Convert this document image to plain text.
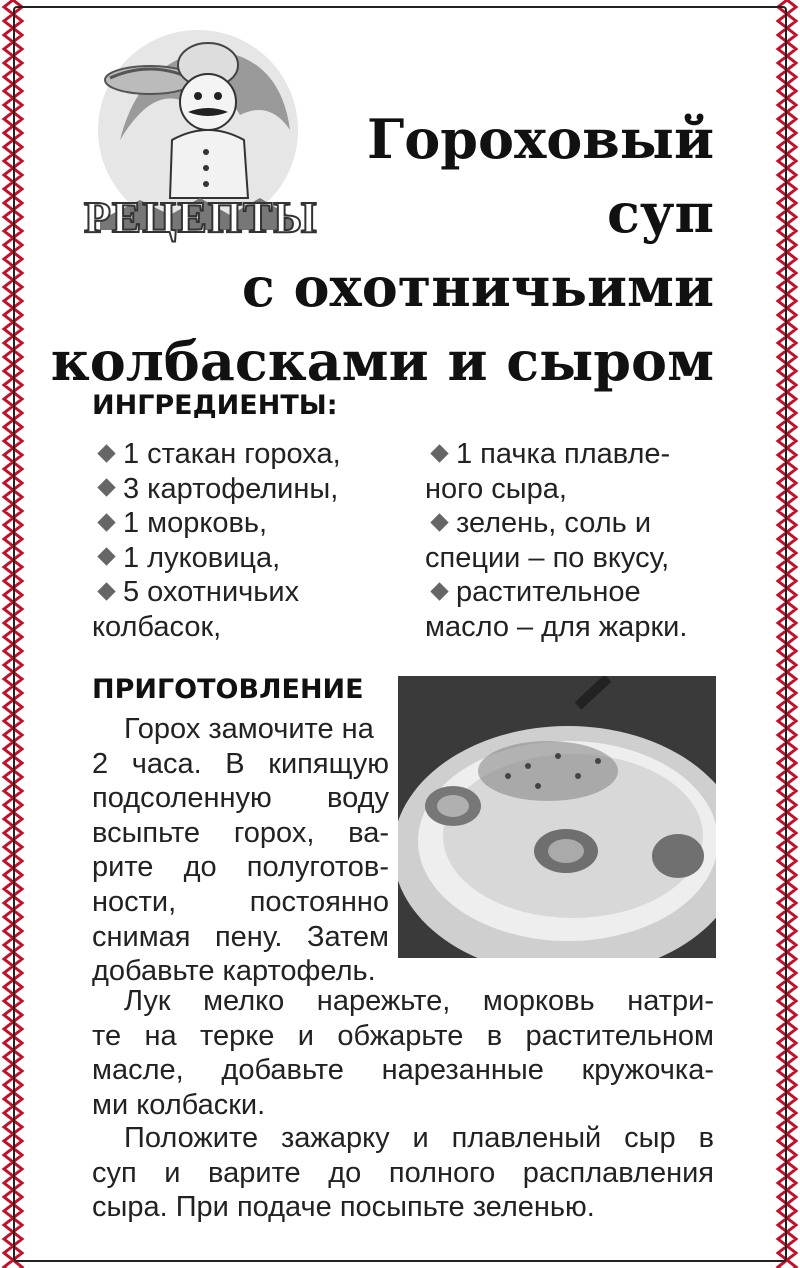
РЕЦЕПТЫ
Гороховый
суп
с охотничьими
колбасками и сыром
ИНГРЕДИЕНТЫ:
1 стакан гороха,
3 картофелины,
1 морковь,
1 луковица,
5 охотничьих
колбасок,
1 пачка плавле-
ного сыра,
зелень, соль и
специи – по вкусу,
растительное
масло – для жарки.
ПРИГОТОВЛЕНИЕ

Горох замочите на
2 часа. В кипящую
подсоленную воду
всыпьте горох, ва-
рите до полуготов-
ности, постоянно
снимая пену. Затем
добавьте картофель.

Лук мелко нарежьте, морковь натри-
те на терке и обжарьте в растительном
масле, добавьте нарезанные кружочка-
ми колбаски.

Положите зажарку и плавленый сыр в
суп и варите до полного расплавления
сыра. При подаче посыпьте зеленью.
